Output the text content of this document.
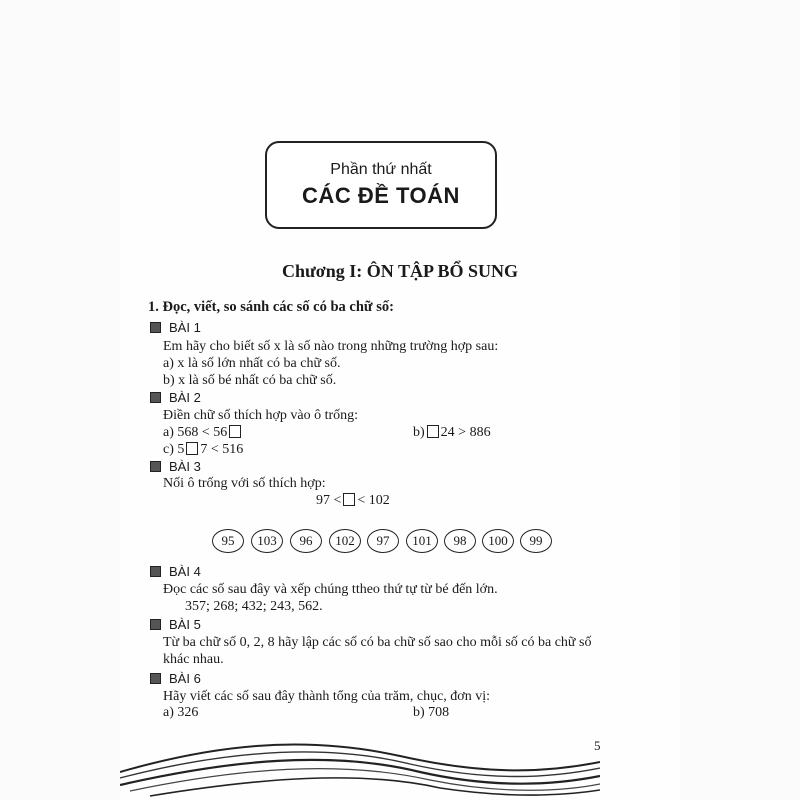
Phần thứ nhất
CÁC ĐỀ TOÁN
Chương I: ÔN TẬP BỔ SUNG
1. Đọc, viết, so sánh các số có ba chữ số:
BÀI 1
Em hãy cho biết số x là số nào trong những trường hợp sau:
a) x là số lớn nhất có ba chữ số.
b) x là số bé nhất có ba chữ số.
BÀI 2
Điền chữ số thích hợp vào ô trống:
a) 568 < 56	b) 24 > 886
c) 5 7 < 516
BÀI 3
Nối ô trống với số thích hợp:
97 < < 102
95	103	96	102	97	101	98	100	99
BÀI 4
Đọc các số sau đây và xếp chúng ttheo thứ tự từ bé đến lớn.
357; 268; 432; 243, 562.
BÀI 5
Từ ba chữ số 0, 2, 8 hãy lập các số có ba chữ số sao cho mỗi số có ba chữ số
khác nhau.
BÀI 6
Hãy viết các số sau đây thành tổng của trăm, chục, đơn vị:
a) 326	b) 708
5
